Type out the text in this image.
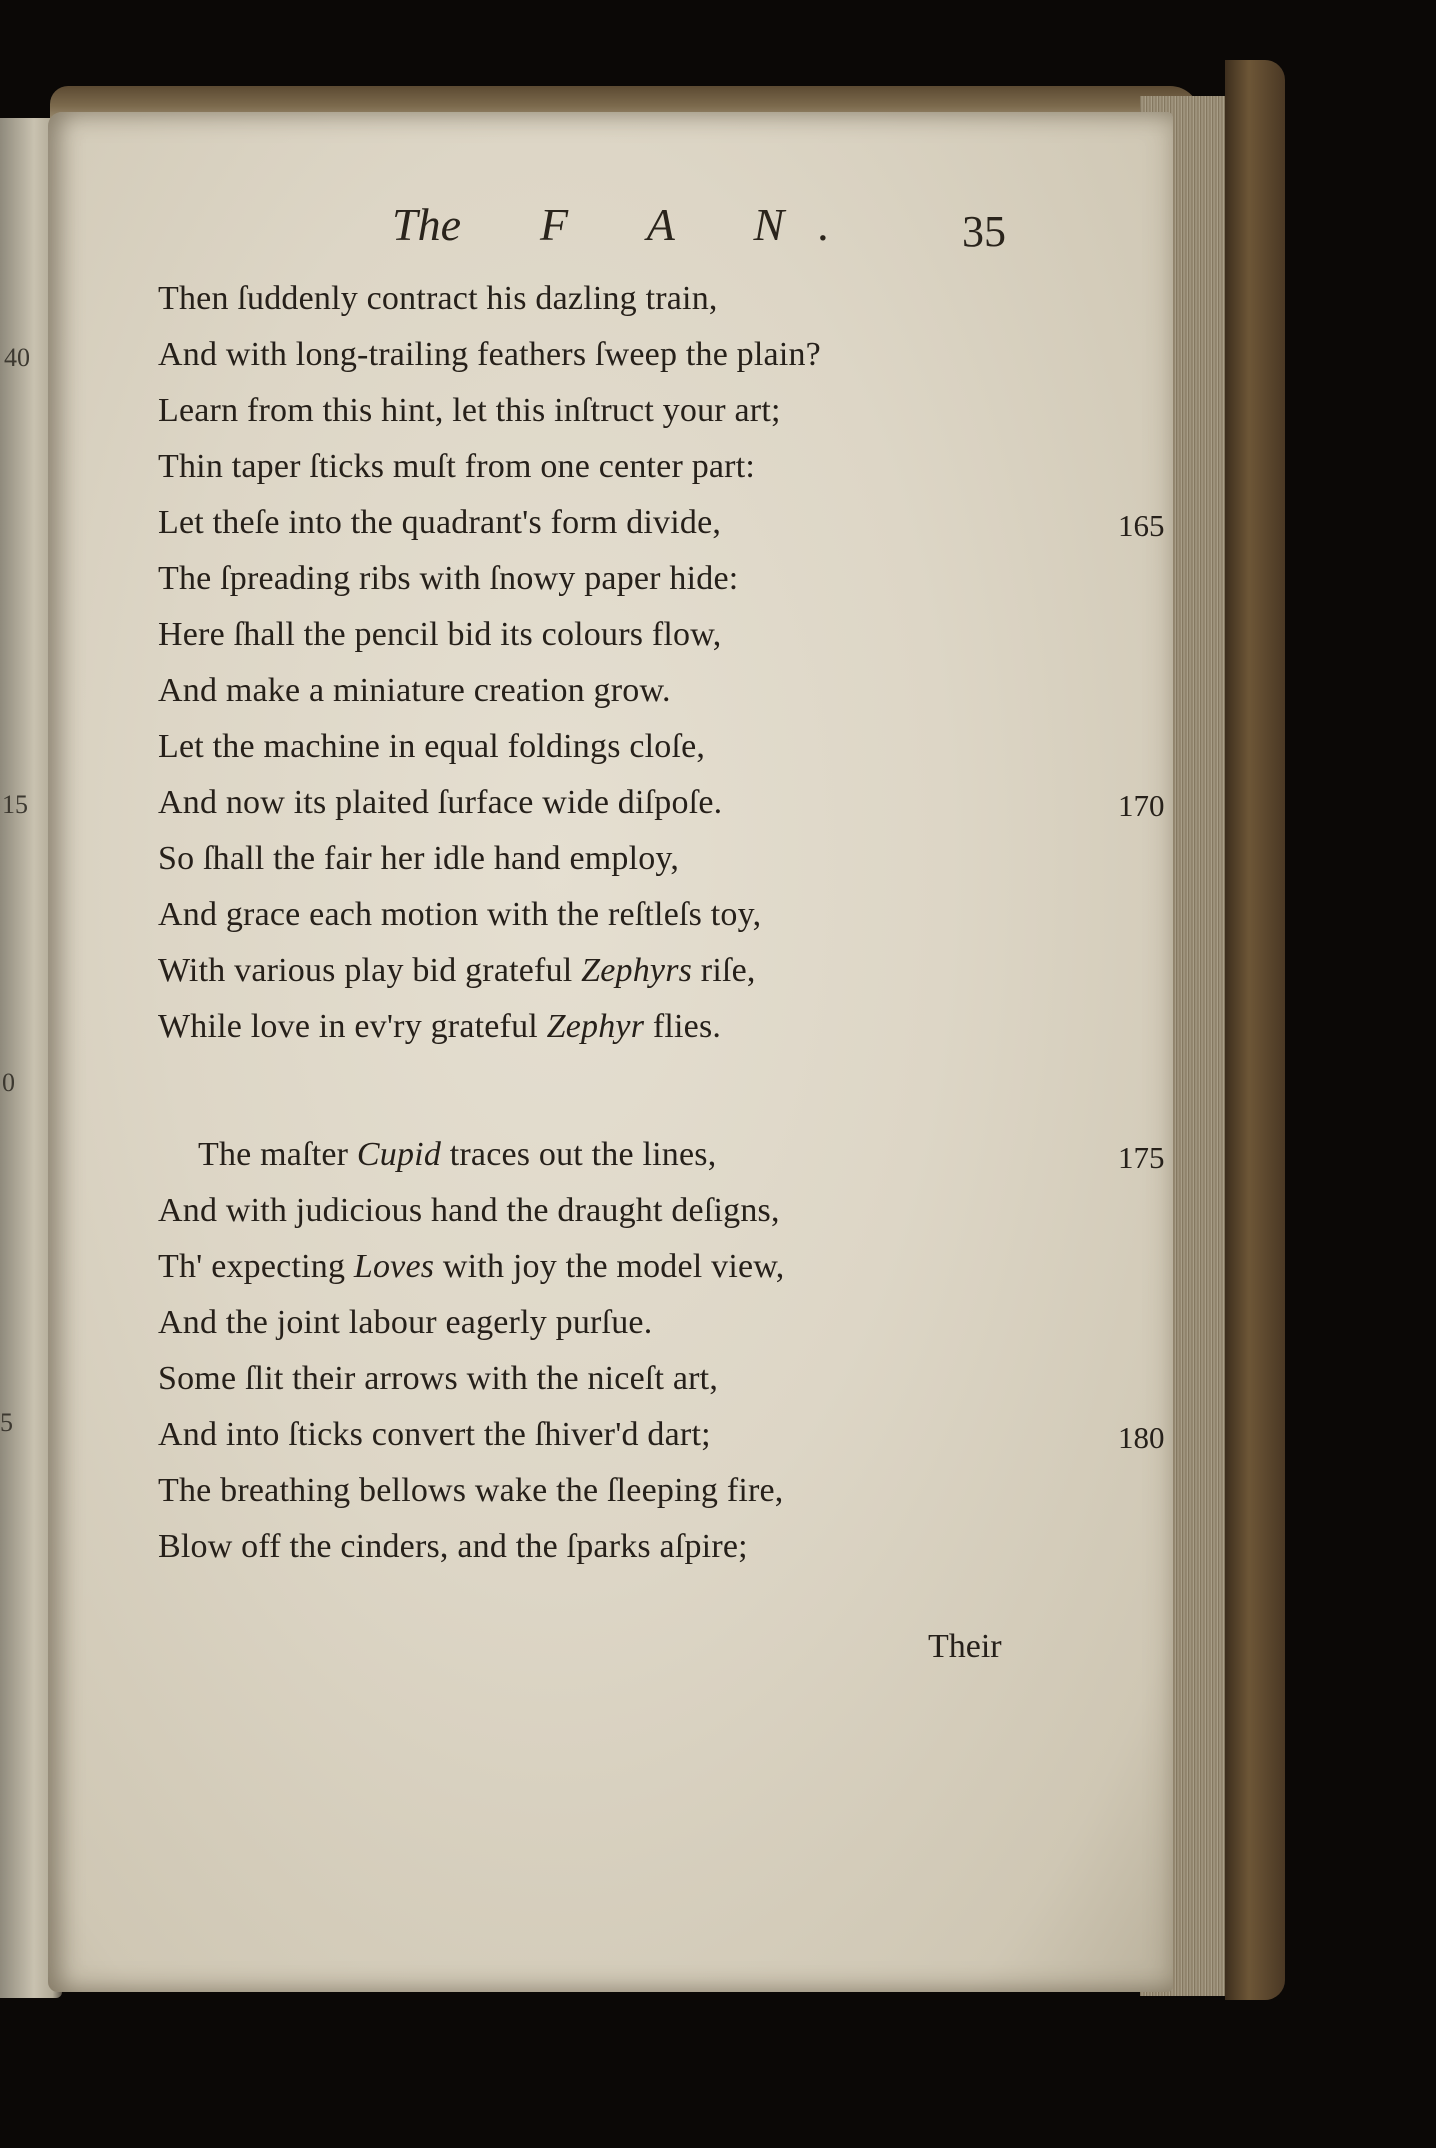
40
15
0
5
The F A N. 35
Then ſuddenly contract his dazling train,
And with long-trailing feathers ſweep the plain?
Learn from this hint, let this inſtruct your art;
Thin taper ſticks muſt from one center part:
Let theſe into the quadrant's form divide,	165
The ſpreading ribs with ſnowy paper hide:
Here ſhall the pencil bid its colours flow,
And make a miniature creation grow.
Let the machine in equal foldings cloſe,
And now its plaited ſurface wide diſpoſe.	170
So ſhall the fair her idle hand employ,
And grace each motion with the reſtleſs toy,
With various play bid grateful Zephyrs riſe,
While love in ev'ry grateful Zephyr flies.
The maſter Cupid traces out the lines,	175
And with judicious hand the draught deſigns,
Th' expecting Loves with joy the model view,
And the joint labour eagerly purſue.
Some ſlit their arrows with the niceſt art,
And into ſticks convert the ſhiver'd dart;	180
The breathing bellows wake the ſleeping fire,
Blow off the cinders, and the ſparks aſpire;
Their
